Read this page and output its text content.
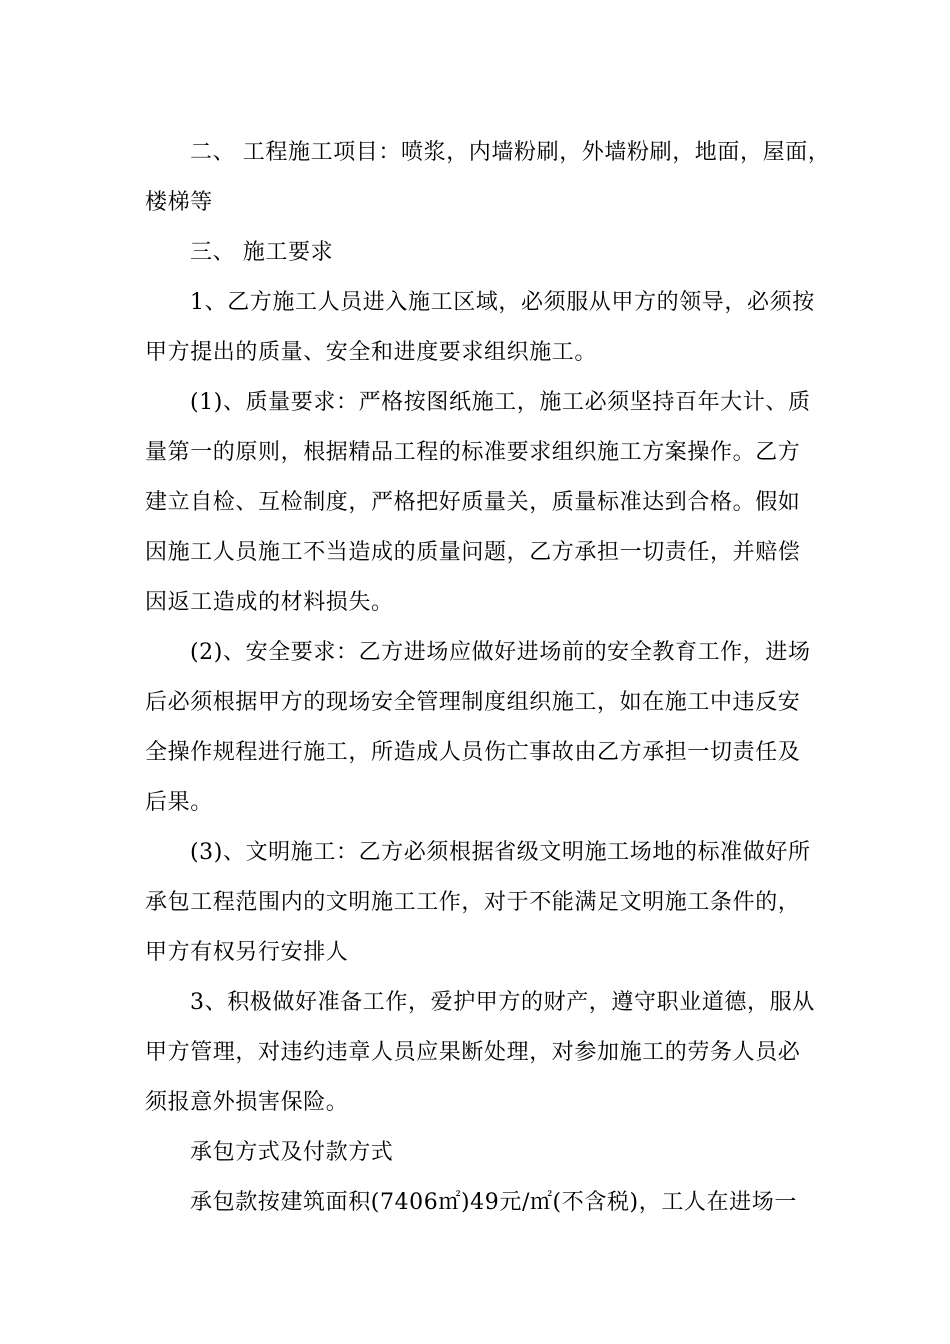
二、 工程施工项目：喷浆，内墙粉刷，外墙粉刷，地面，屋面，
楼梯等
三、 施工要求
1、乙方施工人员进入施工区域，必须服从甲方的领导，必须按
甲方提出的质量、安全和进度要求组织施工。
(1)、质量要求：严格按图纸施工，施工必须坚持百年大计、质
量第一的原则，根据精品工程的标准要求组织施工方案操作。乙方
建立自检、互检制度，严格把好质量关，质量标准达到合格。假如
因施工人员施工不当造成的质量问题，乙方承担一切责任，并赔偿
因返工造成的材料损失。
(2)、安全要求：乙方进场应做好进场前的安全教育工作，进场
后必须根据甲方的现场安全管理制度组织施工，如在施工中违反安
全操作规程进行施工，所造成人员伤亡事故由乙方承担一切责任及
后果。
(3)、文明施工：乙方必须根据省级文明施工场地的标准做好所
承包工程范围内的文明施工工作，对于不能满足文明施工条件的，
甲方有权另行安排人
3、积极做好准备工作，爱护甲方的财产，遵守职业道德，服从
甲方管理，对违约违章人员应果断处理，对参加施工的劳务人员必
须报意外损害保险。
承包方式及付款方式
承包款按建筑面积(7406㎡)49元/㎡(不含税)，工人在进场一
